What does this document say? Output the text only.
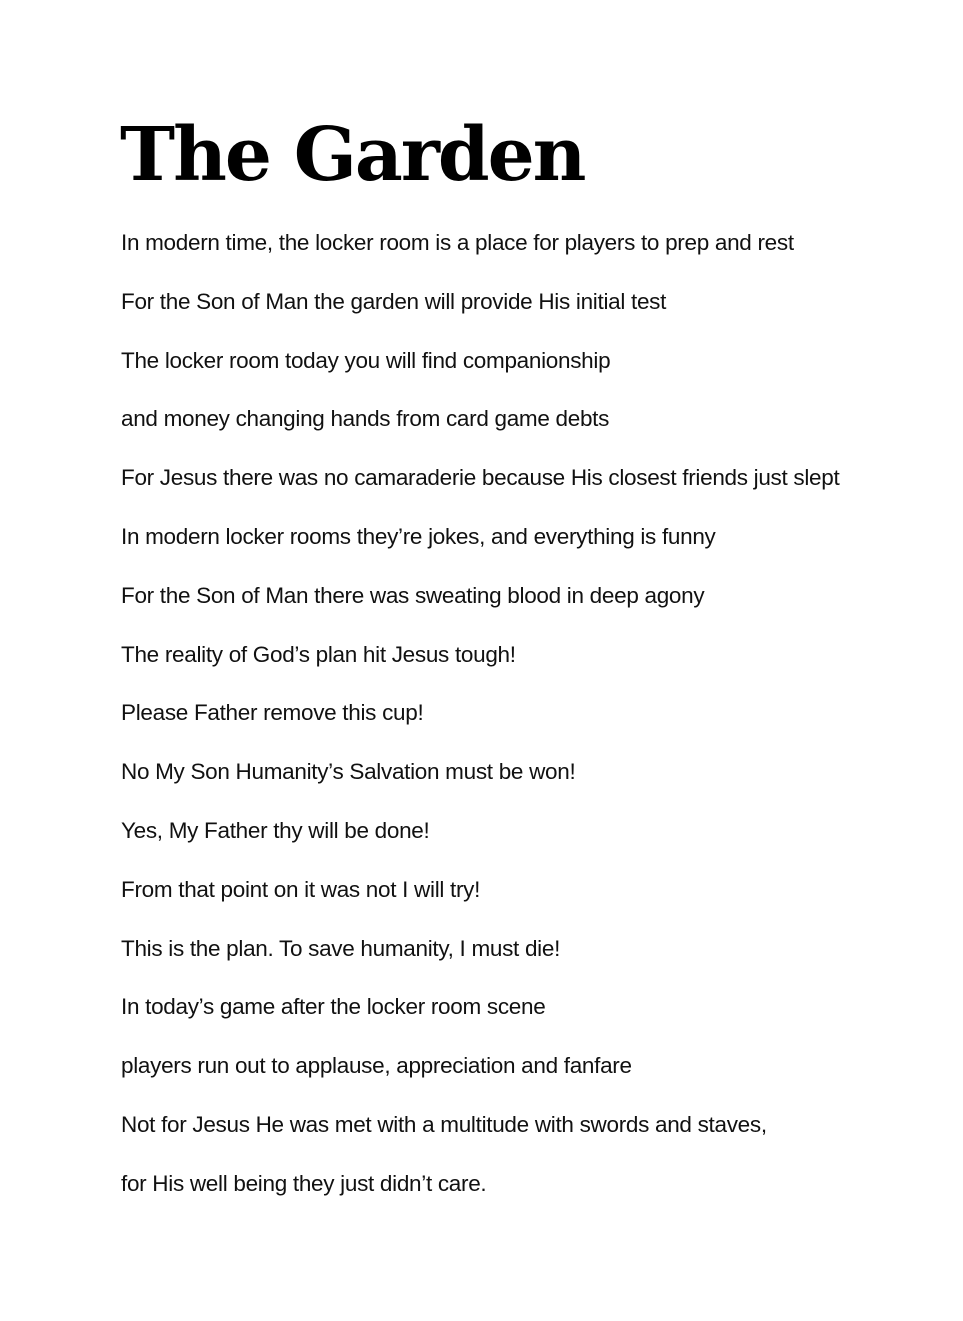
The Garden
In modern time, the locker room is a place for players to prep and rest
For the Son of Man the garden will provide His initial test
The locker room today you will find companionship
and money changing hands from card game debts
For Jesus there was no camaraderie because His closest friends just slept
In modern locker rooms they’re jokes, and everything is funny
For the Son of Man there was sweating blood in deep agony
The reality of God’s plan hit Jesus tough!
Please Father remove this cup!
No My Son Humanity’s Salvation must be won!
Yes, My Father thy will be done!
From that point on it was not I will try!
This is the plan. To save humanity, I must die!
In today’s game after the locker room scene
players run out to applause, appreciation and fanfare
Not for Jesus He was met with a multitude with swords and staves,
for His well being they just didn’t care.
